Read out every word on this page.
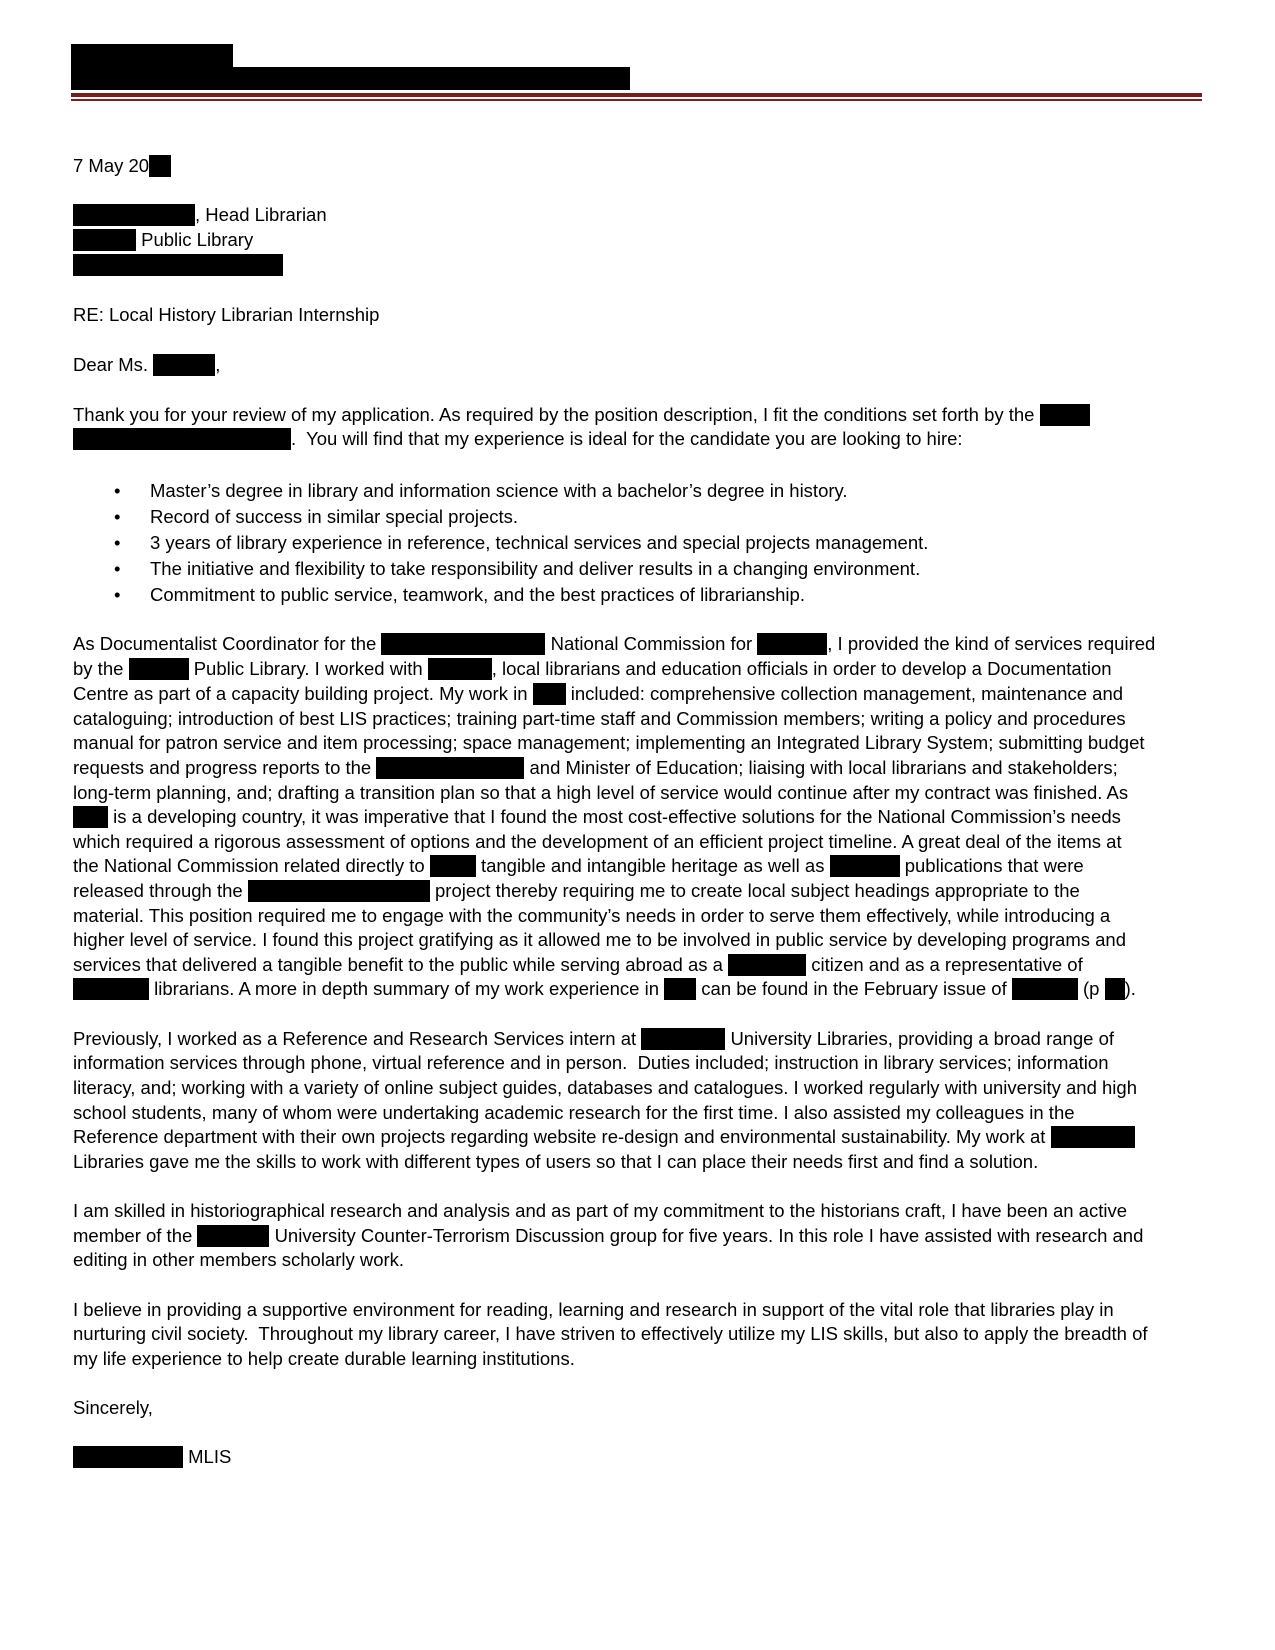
7 May 20
, Head Librarian
Public Library
RE: Local History Librarian Internship
Dear Ms.	,
Thank you for your review of my application. As required by the position description, I fit the conditions set forth by the
.  You will find that my experience is ideal for the candidate you are looking to hire:
• Master’s degree in library and information science with a bachelor’s degree in history.
• Record of success in similar special projects.
• 3 years of library experience in reference, technical services and special projects management.
• The initiative and flexibility to take responsibility and deliver results in a changing environment.
• Commitment to public service, teamwork, and the best practices of librarianship.
As Documentalist Coordinator for the	National Commission for	, I provided the kind of services required
by the	Public Library. I worked with	, local librarians and education officials in order to develop a Documentation
Centre as part of a capacity building project. My work in included: comprehensive collection management, maintenance and
cataloguing; introduction of best LIS practices; training part-time staff and Commission members; writing a policy and procedures
manual for patron service and item processing; space management; implementing an Integrated Library System; submitting budget
requests and progress reports to the	and Minister of Education; liaising with local librarians and stakeholders;
long-term planning, and; drafting a transition plan so that a high level of service would continue after my contract was finished. As
is a developing country, it was imperative that I found the most cost-effective solutions for the National Commission’s needs
which required a rigorous assessment of options and the development of an efficient project timeline. A great deal of the items at
the National Commission related directly to	tangible and intangible heritage as well as	publications that were
released through the	project thereby requiring me to create local subject headings appropriate to the
material. This position required me to engage with the community’s needs in order to serve them effectively, while introducing a
higher level of service. I found this project gratifying as it allowed me to be involved in public service by developing programs and
services that delivered a tangible benefit to the public while serving abroad as a	citizen and as a representative of
librarians. A more in depth summary of my work experience in can be found in the February issue of	(p ).
Previously, I worked as a Reference and Research Services intern at	University Libraries, providing a broad range of
information services through phone, virtual reference and in person.  Duties included; instruction in library services; information
literacy, and; working with a variety of online subject guides, databases and catalogues. I worked regularly with university and high
school students, many of whom were undertaking academic research for the first time. I also assisted my colleagues in the
Reference department with their own projects regarding website re-design and environmental sustainability. My work at
Libraries gave me the skills to work with different types of users so that I can place their needs first and find a solution.
I am skilled in historiographical research and analysis and as part of my commitment to the historians craft, I have been an active
member of the	University Counter-Terrorism Discussion group for five years. In this role I have assisted with research and
editing in other members scholarly work.
I believe in providing a supportive environment for reading, learning and research in support of the vital role that libraries play in
nurturing civil society.  Throughout my library career, I have striven to effectively utilize my LIS skills, but also to apply the breadth of
my life experience to help create durable learning institutions.
Sincerely,
MLIS
